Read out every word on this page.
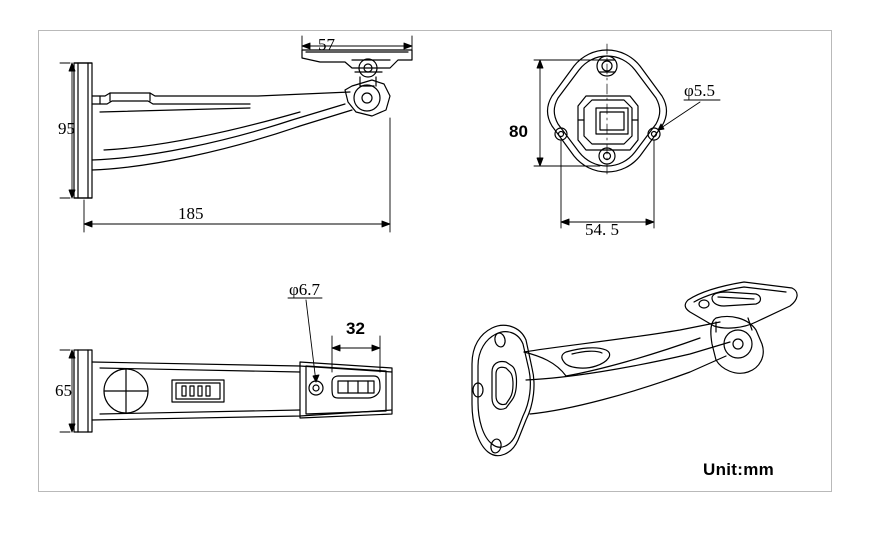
95
57
185
80
54. 5
φ5.5
65
φ6.7
32
Unit:mm
